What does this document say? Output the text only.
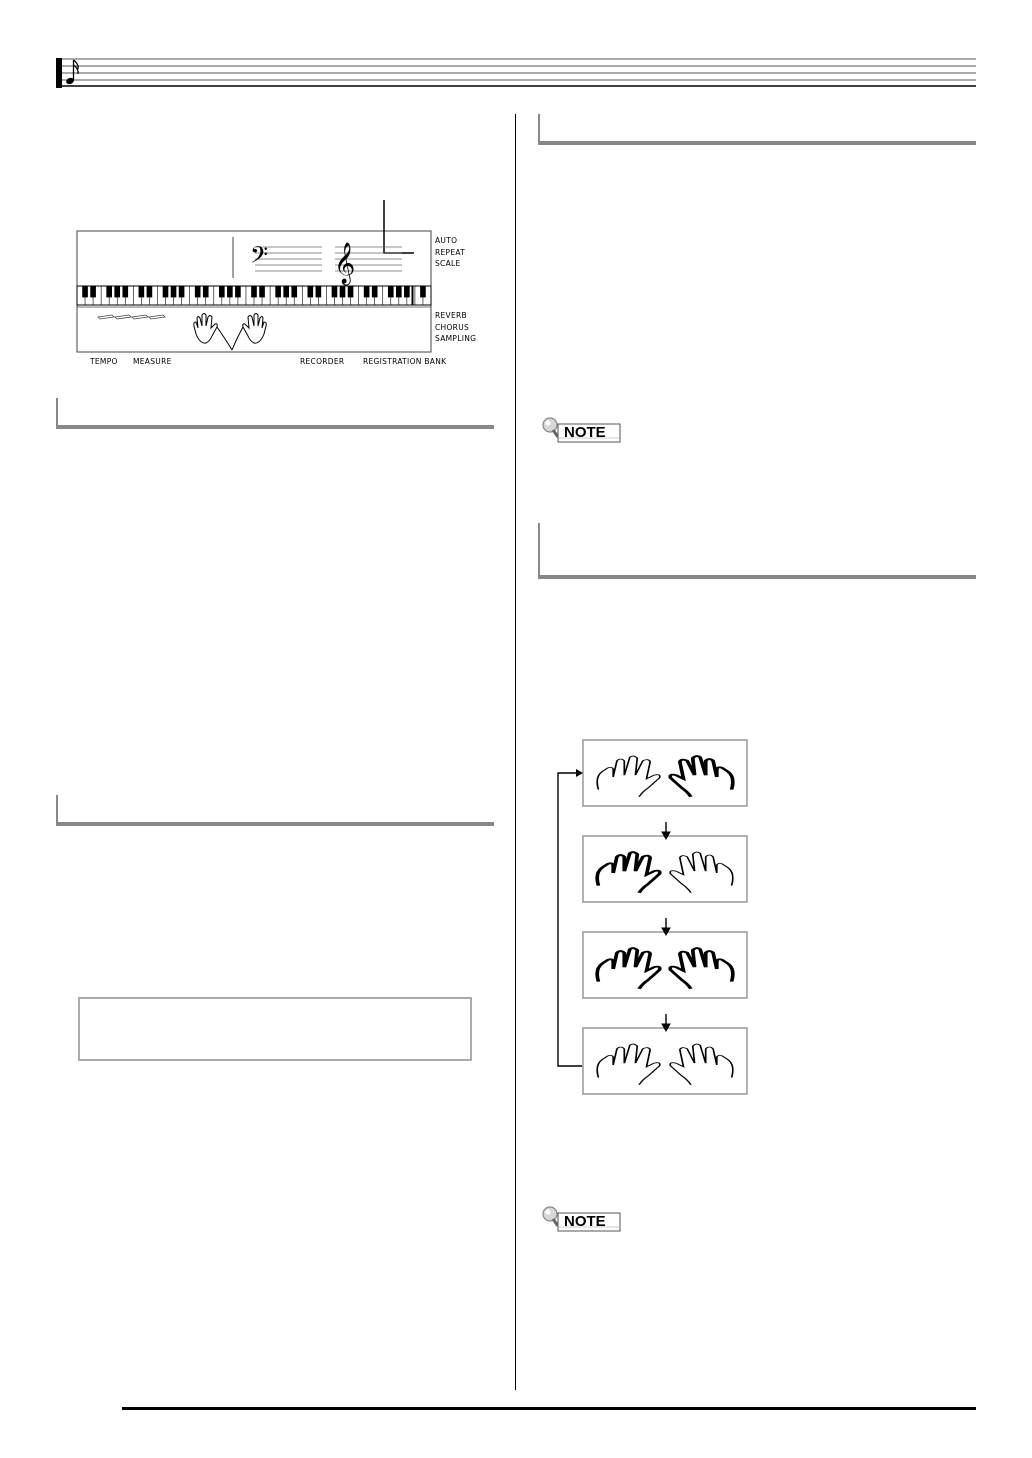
𝄢 𝄞
AUTO
REPEAT
SCALE
REVERB
CHORUS
SAMPLING
TEMPO MEASURE	RECORDER REGISTRATION BANK
NOTE
NOTE
